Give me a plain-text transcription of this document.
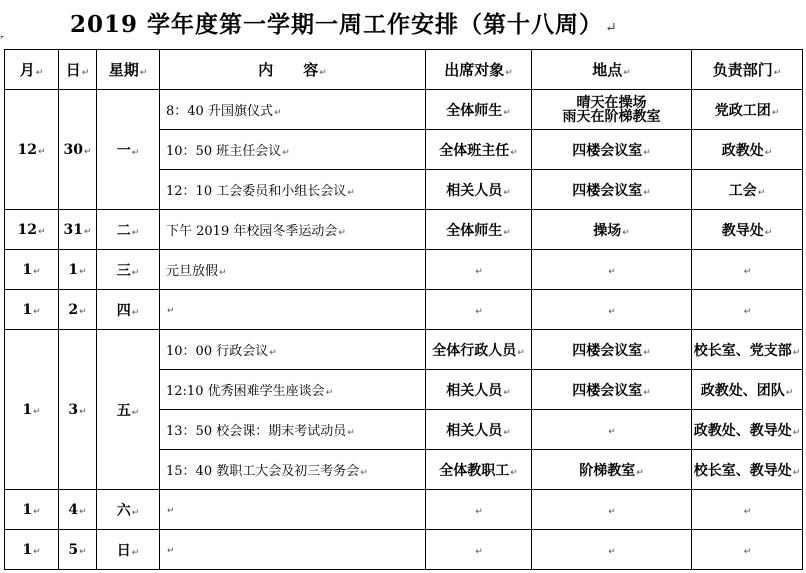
2019 学年度第一学期一周工作安排（第十八周） ↵
⌜
月↵	日↵	星期↵	内　　容↵	出席对象↵	地点↵	负责部门↵
12↵	30↵	一↵	8：40 升国旗仪式↵	全体师生↵	晴天在操场
雨天在阶梯教室	党政工团↵
			10：50 班主任会议↵	全体班主任↵	四楼会议室↵	政教处↵
			12：10 工会委员和小组长会议↵	相关人员↵	四楼会议室↵	工会↵
12↵	31↵	二↵	下午 2019 年校园冬季运动会↵	全体师生↵	操场↵	教导处↵
1↵	1↵	三↵	元旦放假↵	↵	↵	↵
1↵	2↵	四↵	↵	↵	↵	↵
1↵	3↵	五↵	10：00 行政会议↵	全体行政人员↵	四楼会议室↵	校长室、党支部↵
			12:10 优秀困难学生座谈会↵	相关人员↵	四楼会议室↵	政教处、团队↵
			13：50 校会课：期末考试动员↵	相关人员↵	↵	政教处、教导处↵
			15：40 教职工大会及初三考务会↵	全体教职工↵	阶梯教室↵	校长室、教导处↵
1↵	4↵	六↵	↵	↵	↵	↵
1↵	5↵	日↵	↵	↵	↵	↵
